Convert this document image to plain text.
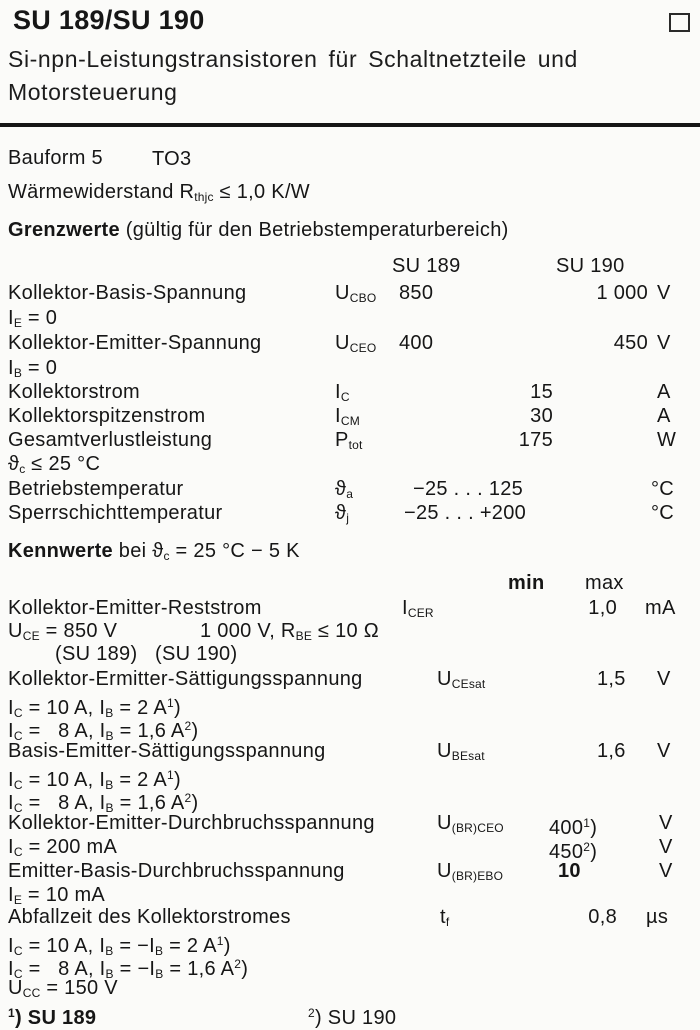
SU 189/SU 190
Si-npn-Leistungstransistoren für Schaltnetzteile und
Motorsteuerung
Bauform 5 TO3
Wärmewiderstand Rthjc ≤ 1,0 K/W
Grenzwerte (gültig für den Betriebstemperaturbereich)
SU 189	SU 190
Kollektor-Basis-Spannung	UCBO 850	1 000 V
IE = 0
Kollektor-Emitter-Spannung	UCEO 400	450 V
IB = 0
Kollektorstrom	IC	15	A
Kollektorspitzenstrom	ICM	30	A
Gesamtverlustleistung	Ptot	175	W
ϑc ≤ 25 °C
Betriebstemperatur	ϑa	−25 . . . 125	°C
Sperrschichttemperatur	ϑj	−25 . . . +200	°C
Kennwerte bei ϑc = 25 °C − 5 K
min max
Kollektor-Emitter-Reststrom	ICER	1,0 mA
UCE = 850 V	1 000 V, RBE ≤ 10 Ω
(SU 189)   (SU 190)
Kollektor-Ermitter-Sättigungsspannung	UCEsat	1,5 V
IC = 10 A, IB = 2 $A^1$)
IC =   8 A, IB = 1,6 $A^2$)
Basis-Emitter-Sättigungsspannung	UBEsat	1,6 V
IC = 10 A, IB = 2 $A^1$)
IC =   8 A, IB = 1,6 $A^2$)
Kollektor-Emitter-Durchbruchsspannung	U(BR)CEO $400^1$)	V
IC = 200 mA	$450^2$)	V
Emitter-Basis-Durchbruchsspannung	U(BR)EBO	10	V
IE = 10 mA
Abfallzeit des Kollektorstromes	tf	0,8 µs
IC = 10 A, IB = −IB = 2 $A^1$)
IC =   8 A, IB = −IB = 1,6 $A^2$)
UCC = 150 V
$^1$) SU 189	$^2$) SU 190
